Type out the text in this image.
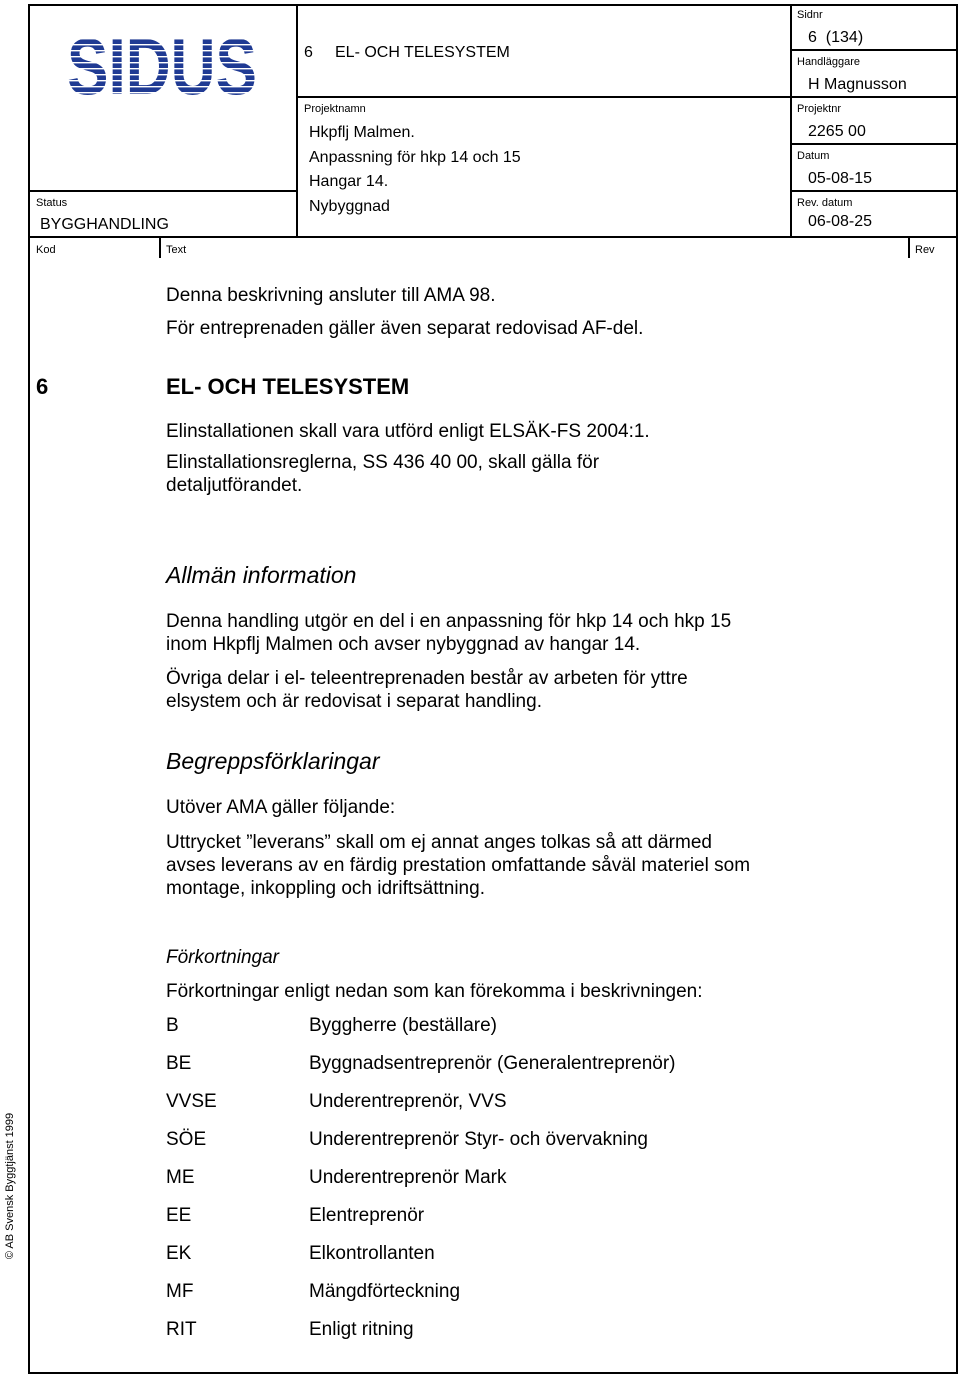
SIDUS	6 EL- OCH TELESYSTEM
Sidnr
6  (134)
Handläggare
H Magnusson
Projektnr
2265 00
Datum
05-08-15
Rev. datum
06-08-25
Projektnamn
Hkpflj Malmen.
Anpassning för hkp 14 och 15
Hangar 14.
Nybyggnad
Status
BYGGHANDLING
Kod	Text	Rev
Denna beskrivning ansluter till AMA 98.
För entreprenaden gäller även separat redovisad AF-del.
6	EL- OCH TELESYSTEM
Elinstallationen skall vara utförd enligt ELSÄK-FS 2004:1.
Elinstallationsreglerna, SS 436 40 00, skall gälla för
detaljutförandet.
Allmän information
Denna handling utgör en del i en anpassning för hkp 14 och hkp 15
inom Hkpflj Malmen och avser nybyggnad av hangar 14.
Övriga delar i el- teleentreprenaden består av arbeten för yttre
elsystem och är redovisat i separat handling.
Begreppsförklaringar
Utöver AMA gäller följande:
Uttrycket ”leverans” skall om ej annat anges tolkas så att därmed
avses leverans av en färdig prestation omfattande såväl materiel som
montage, inkoppling och idriftsättning.
Förkortningar
Förkortningar enligt nedan som kan förekomma i beskrivningen:
B	Byggherre (beställare)
BE	Byggnadsentreprenör (Generalentreprenör)
VVSE	Underentreprenör, VVS
SÖE	Underentreprenör Styr- och övervakning
ME	Underentreprenör Mark
EE	Elentreprenör
EK	Elkontrollanten
MF	Mängdförteckning
RIT	Enligt ritning
© AB Svensk Byggtjänst 1999
